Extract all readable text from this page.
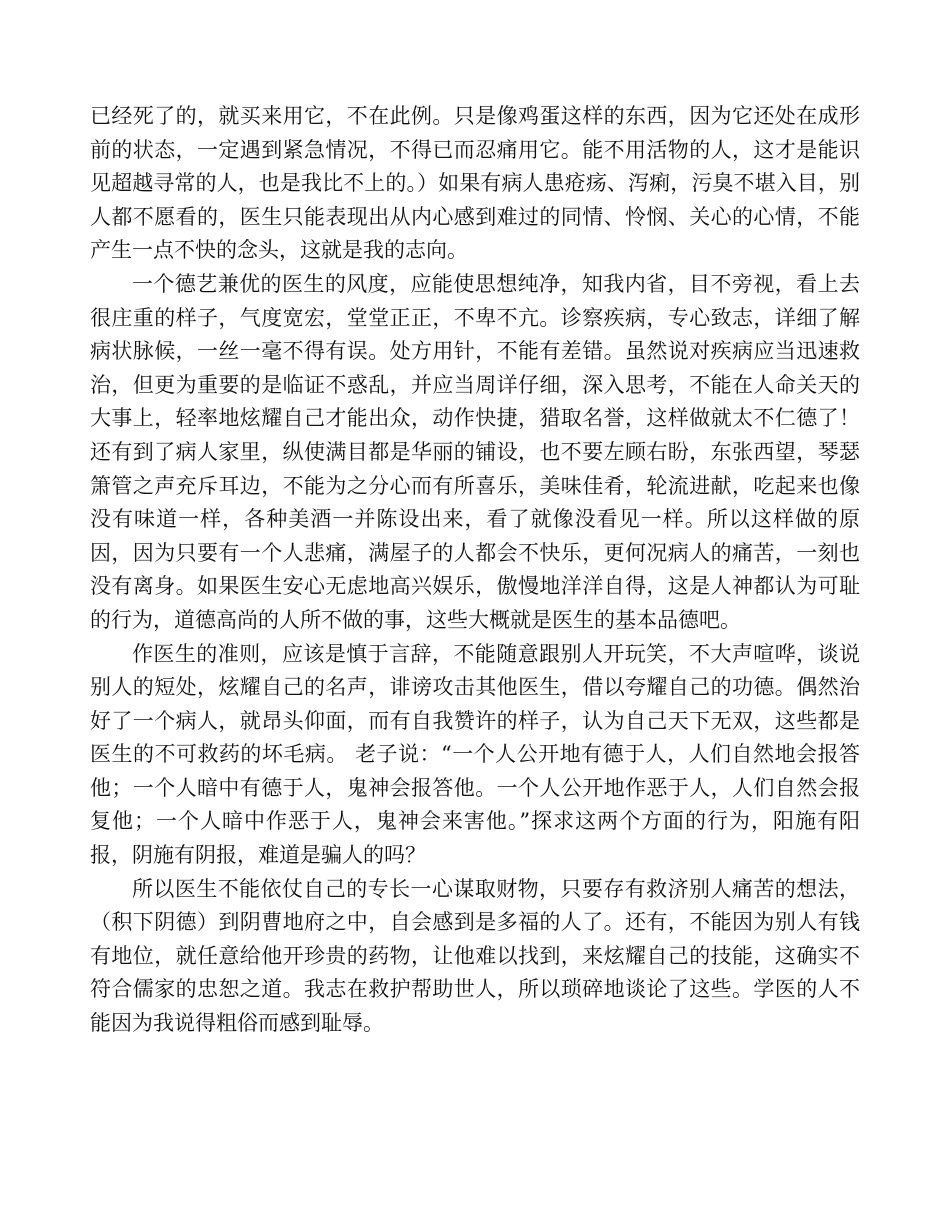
已经死了的，就买来用它，不在此例。只是像鸡蛋这样的东西，因为它还处在成形前的状态，一定遇到紧急情况，不得已而忍痛用它。能不用活物的人，这才是能识见超越寻常的人，也是我比不上的。）如果有病人患疮疡、泻痢，污臭不堪入目，别人都不愿看的，医生只能表现出从内心感到难过的同情、怜悯、关心的心情，不能产生一点不快的念头，这就是我的志向。

一个德艺兼优的医生的风度，应能使思想纯净，知我内省，目不旁视，看上去很庄重的样子，气度宽宏，堂堂正正，不卑不亢。诊察疾病，专心致志，详细了解病状脉候，一丝一毫不得有误。处方用针，不能有差错。虽然说对疾病应当迅速救治，但更为重要的是临证不惑乱，并应当周详仔细，深入思考，不能在人命关天的大事上，轻率地炫耀自己才能出众，动作快捷，猎取名誉，这样做就太不仁德了！还有到了病人家里，纵使满目都是华丽的铺设，也不要左顾右盼，东张西望，琴瑟箫管之声充斥耳边，不能为之分心而有所喜乐，美味佳肴，轮流进献，吃起来也像没有味道一样，各种美酒一并陈设出来，看了就像没看见一样。所以这样做的原因，因为只要有一个人悲痛，满屋子的人都会不快乐，更何况病人的痛苦，一刻也没有离身。如果医生安心无虑地高兴娱乐，傲慢地洋洋自得，这是人神都认为可耻的行为，道德高尚的人所不做的事，这些大概就是医生的基本品德吧。

作医生的准则，应该是慎于言辞，不能随意跟别人开玩笑，不大声喧哗，谈说别人的短处，炫耀自己的名声，诽谤攻击其他医生，借以夸耀自己的功德。偶然治好了一个病人，就昂头仰面，而有自我赞许的样子，认为自己天下无双，这些都是医生的不可救药的坏毛病。 老子说：“一个人公开地有德于人，人们自然地会报答他；一个人暗中有德于人，鬼神会报答他。一个人公开地作恶于人，人们自然会报复他；一个人暗中作恶于人，鬼神会来害他。”探求这两个方面的行为，阳施有阳报，阴施有阴报，难道是骗人的吗？

所以医生不能依仗自己的专长一心谋取财物，只要存有救济别人痛苦的想法，（积下阴德）到阴曹地府之中，自会感到是多福的人了。还有，不能因为别人有钱有地位，就任意给他开珍贵的药物，让他难以找到，来炫耀自己的技能，这确实不符合儒家的忠恕之道。我志在救护帮助世人，所以琐碎地谈论了这些。学医的人不能因为我说得粗俗而感到耻辱。
